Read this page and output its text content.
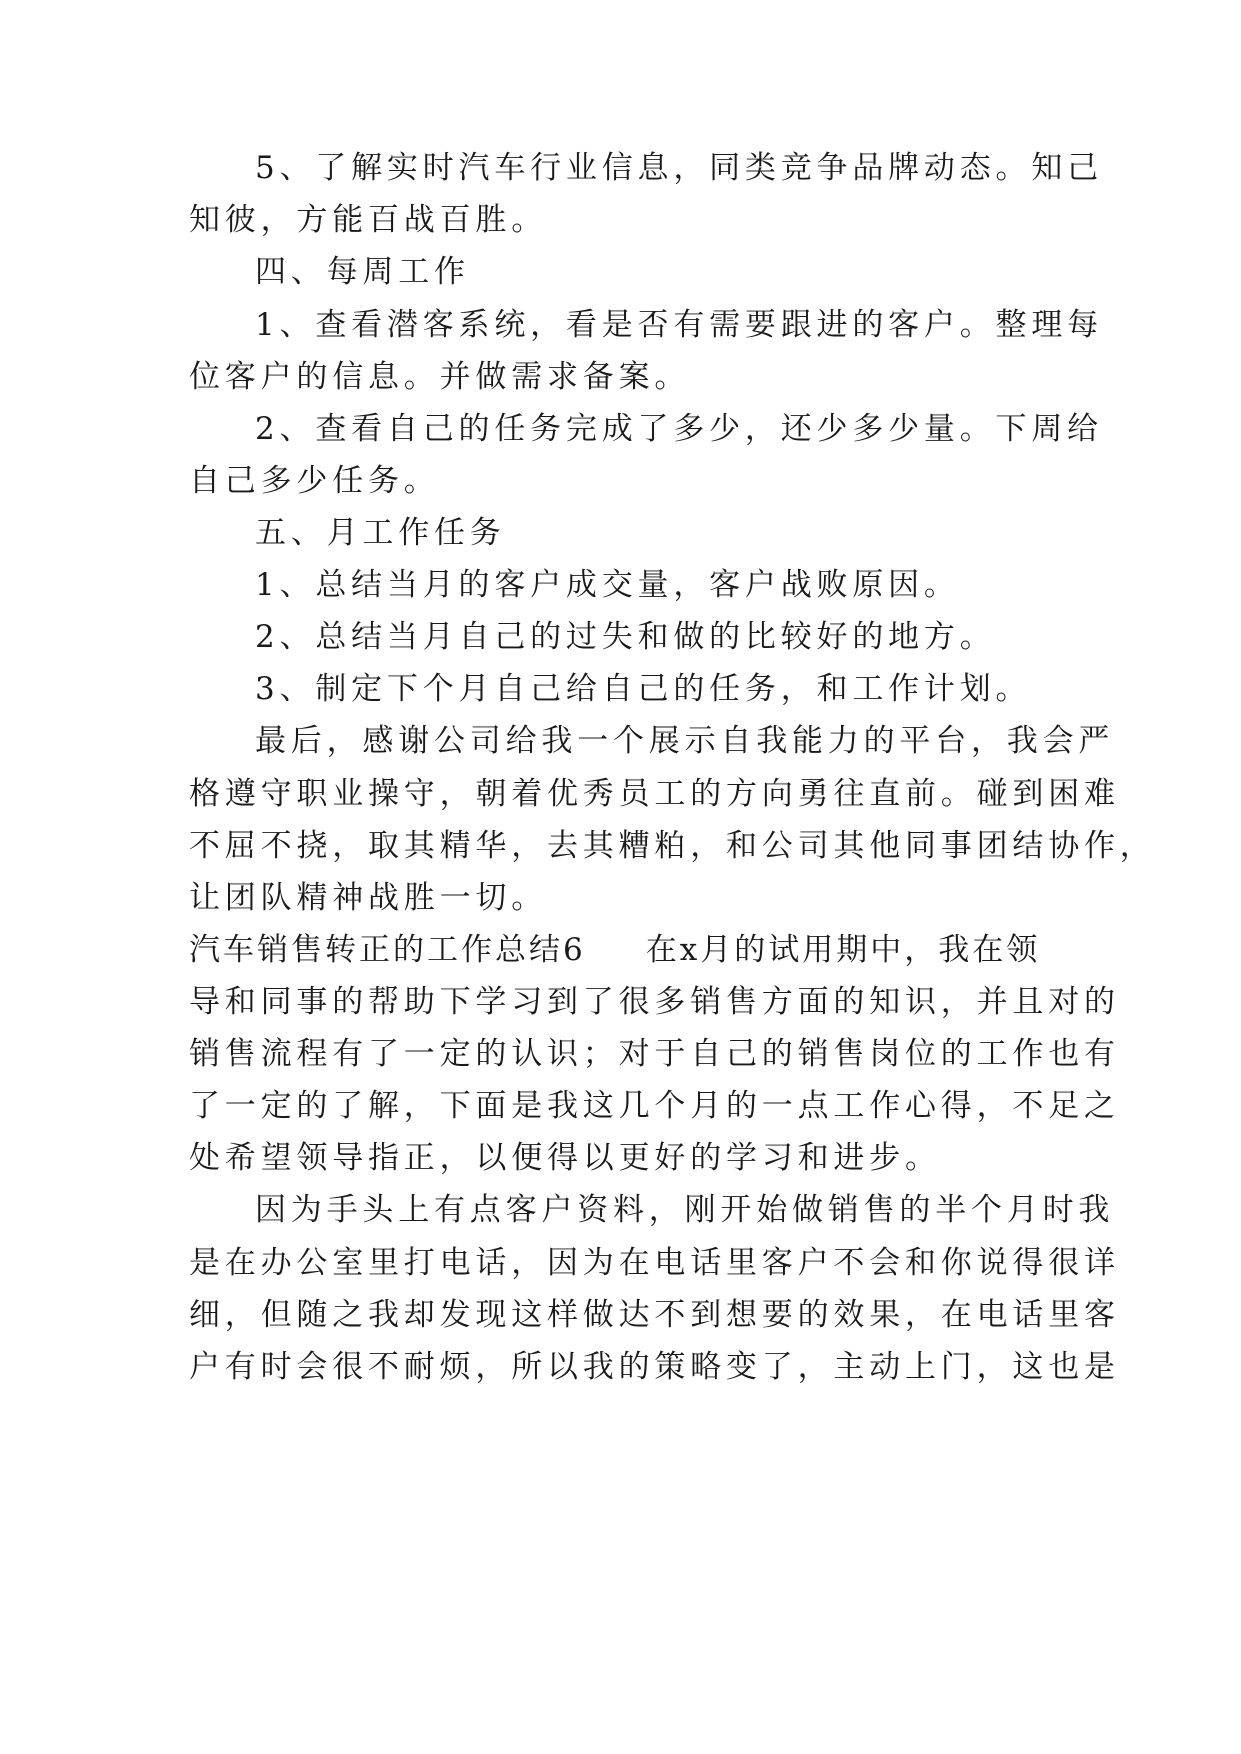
5、了解实时汽车行业信息，同类竞争品牌动态。知己
知彼，方能百战百胜。
四、每周工作
1、查看潜客系统，看是否有需要跟进的客户。整理每
位客户的信息。并做需求备案。
2、查看自己的任务完成了多少，还少多少量。下周给
自己多少任务。
五、月工作任务
1、总结当月的客户成交量，客户战败原因。
2、总结当月自己的过失和做的比较好的地方。
3、制定下个月自己给自己的任务，和工作计划。
最后，感谢公司给我一个展示自我能力的平台，我会严
格遵守职业操守，朝着优秀员工的方向勇往直前。碰到困难
不屈不挠，取其精华，去其糟粕，和公司其他同事团结协作，
让团队精神战胜一切。
汽车销售转正的工作总结6 在x月的试用期中，我在领
导和同事的帮助下学习到了很多销售方面的知识，并且对的
销售流程有了一定的认识；对于自己的销售岗位的工作也有
了一定的了解，下面是我这几个月的一点工作心得，不足之
处希望领导指正，以便得以更好的学习和进步。
因为手头上有点客户资料，刚开始做销售的半个月时我
是在办公室里打电话，因为在电话里客户不会和你说得很详
细，但随之我却发现这样做达不到想要的效果，在电话里客
户有时会很不耐烦，所以我的策略变了，主动上门，这也是
